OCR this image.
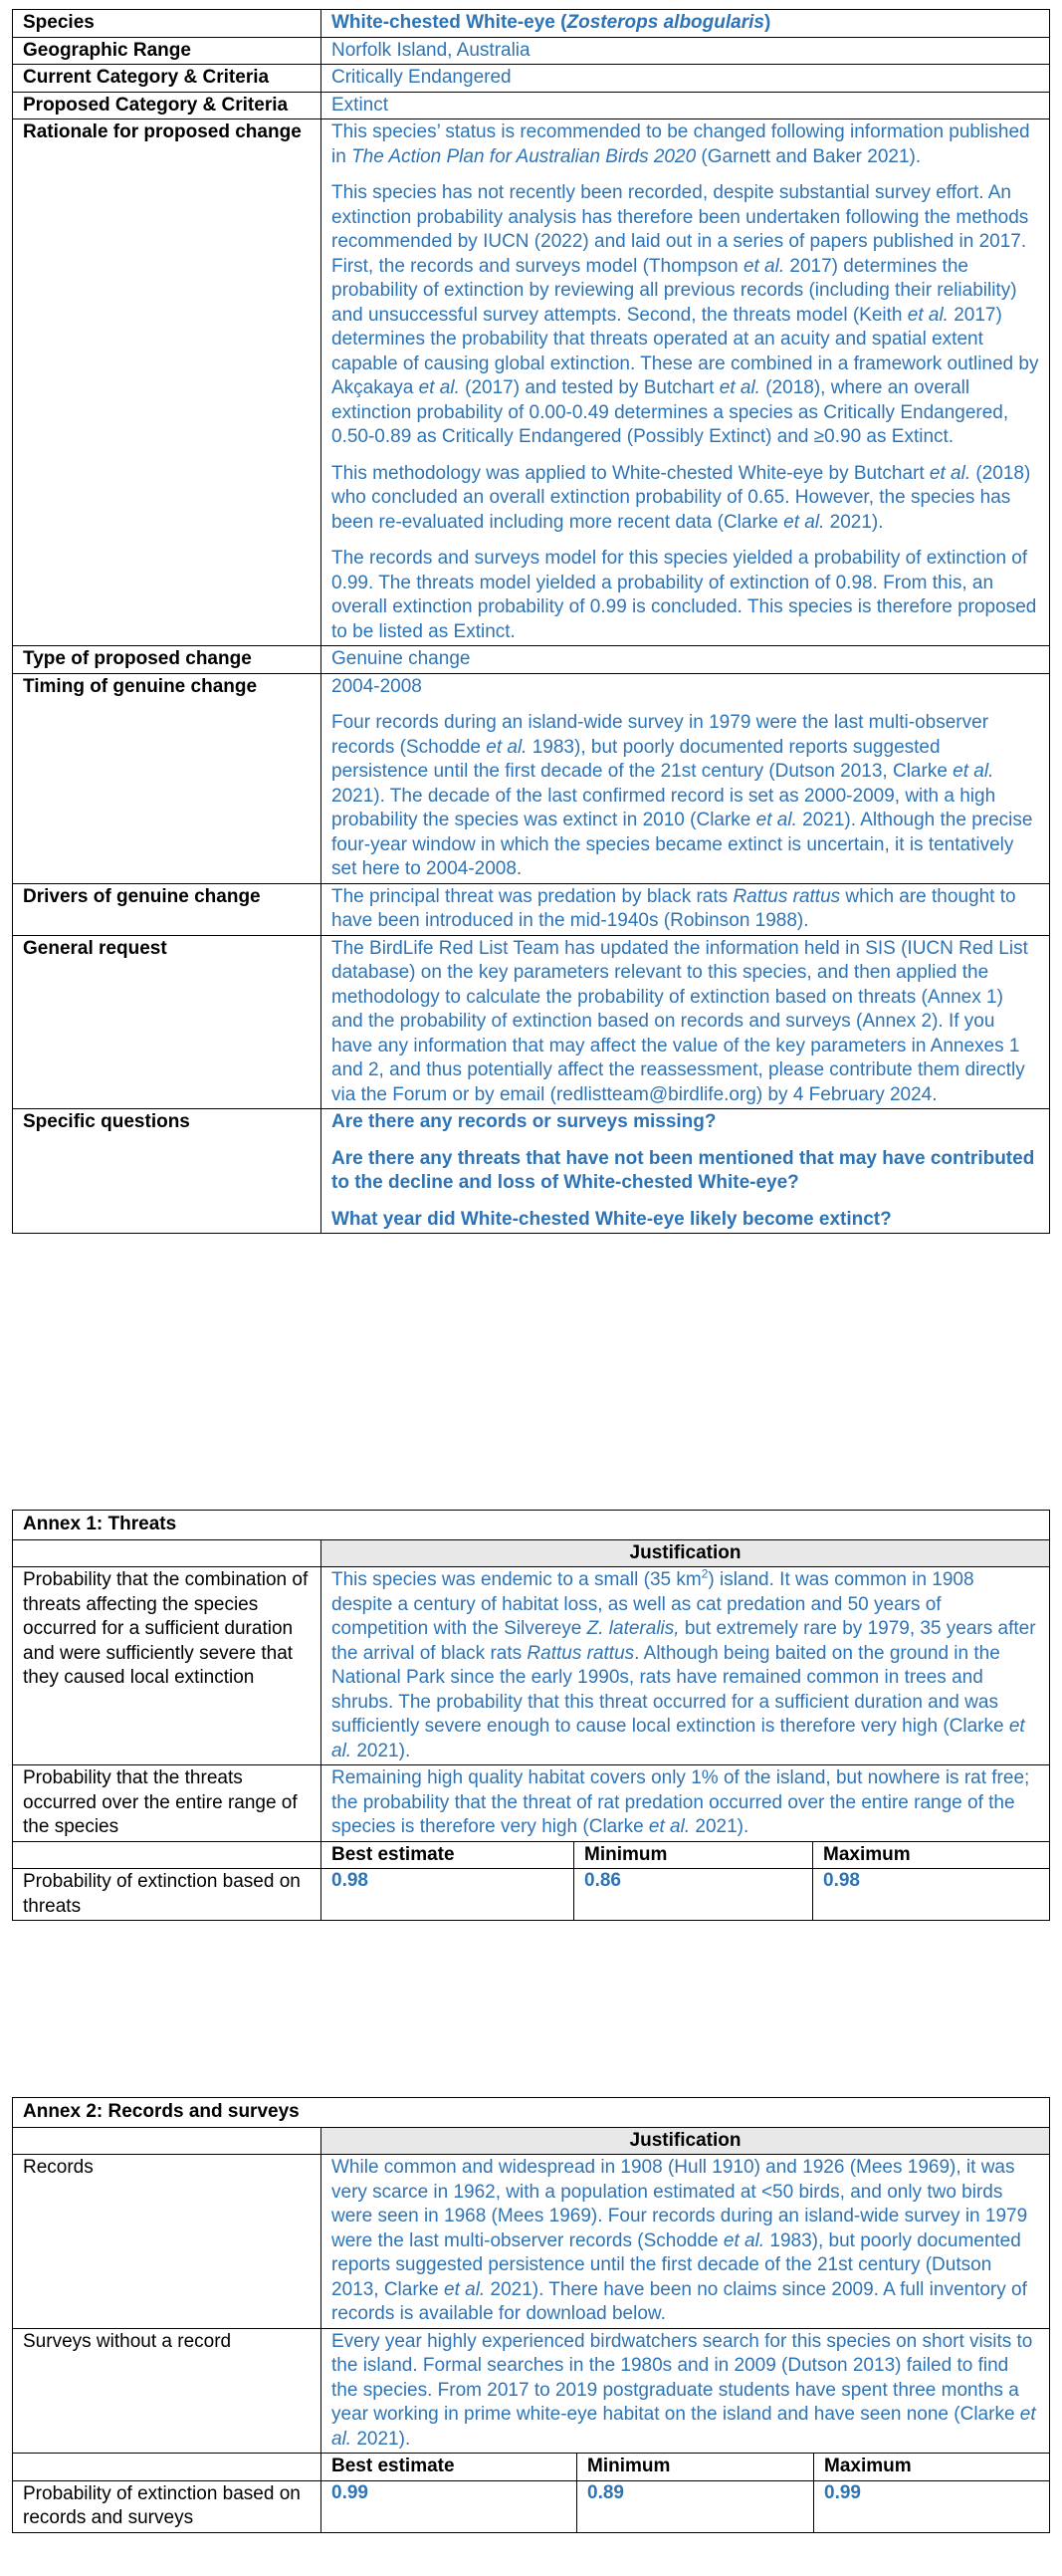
Species	White-chested White-eye (Zosterops albogularis)
Geographic Range	Norfolk Island, Australia
Current Category & Criteria	Critically Endangered
Proposed Category & Criteria	Extinct
Rationale for proposed change	This species’ status is recommended to be changed following information published in The Action Plan for Australian Birds 2020 (Garnett and Baker 2021).

This species has not recently been recorded, despite substantial survey effort. An extinction probability analysis has therefore been undertaken following the methods recommended by IUCN (2022) and laid out in a series of papers published in 2017. First, the records and surveys model (Thompson et al. 2017) determines the probability of extinction by reviewing all previous records (including their reliability) and unsuccessful survey attempts. Second, the threats model (Keith et al. 2017) determines the probability that threats operated at an acuity and spatial extent capable of causing global extinction. These are combined in a framework outlined by Akçakaya et al. (2017) and tested by Butchart et al. (2018), where an overall extinction probability of 0.00-0.49 determines a species as Critically Endangered, 0.50-0.89 as Critically Endangered (Possibly Extinct) and ≥0.90 as Extinct.

This methodology was applied to White-chested White-eye by Butchart et al. (2018) who concluded an overall extinction probability of 0.65. However, the species has been re-evaluated including more recent data (Clarke et al. 2021).

The records and surveys model for this species yielded a probability of extinction of 0.99. The threats model yielded a probability of extinction of 0.98. From this, an overall extinction probability of 0.99 is concluded. This species is therefore proposed to be listed as Extinct.

Type of proposed change	Genuine change
Timing of genuine change	2004-2008

Four records during an island-wide survey in 1979 were the last multi-observer records (Schodde et al. 1983), but poorly documented reports suggested persistence until the first decade of the 21st century (Dutson 2013, Clarke et al. 2021). The decade of the last confirmed record is set as 2000-2009, with a high probability the species was extinct in 2010 (Clarke et al. 2021). Although the precise four-year window in which the species became extinct is uncertain, it is tentatively set here to 2004-2008.

Drivers of genuine change	The principal threat was predation by black rats Rattus rattus which are thought to have been introduced in the mid-1940s (Robinson 1988).
General request	The BirdLife Red List Team has updated the information held in SIS (IUCN Red List database) on the key parameters relevant to this species, and then applied the methodology to calculate the probability of extinction based on threats (Annex 1) and the probability of extinction based on records and surveys (Annex 2). If you have any information that may affect the value of the key parameters in Annexes 1 and 2, and thus potentially affect the reassessment, please contribute them directly via the Forum or by email (redlistteam@birdlife.org) by 4 February 2024.
Specific questions	Are there any records or surveys missing?

Are there any threats that have not been mentioned that may have contributed to the decline and loss of White-chested White-eye?

What year did White-chested White-eye likely become extinct?

Annex 1: Threats			
	Justification		
Probability that the combination of threats affecting the species occurred for a sufficient duration and were sufficiently severe that they caused local extinction	This species was endemic to a small (35 $km^2$) island. It was common in 1908 despite a century of habitat loss, as well as cat predation and 50 years of competition with the Silvereye Z. lateralis, but extremely rare by 1979, 35 years after the arrival of black rats Rattus rattus. Although being baited on the ground in the National Park since the early 1990s, rats have remained common in trees and shrubs. The probability that this threat occurred for a sufficient duration and was sufficiently severe enough to cause local extinction is therefore very high (Clarke et al. 2021).		
Probability that the threats occurred over the entire range of the species	Remaining high quality habitat covers only 1% of the island, but nowhere is rat free; the probability that the threat of rat predation occurred over the entire range of the species is therefore very high (Clarke et al. 2021).		
	Best estimate	Minimum	Maximum
Probability of extinction based on threats	0.98	0.86	0.98
Annex 2: Records and surveys			
	Justification		
Records	While common and widespread in 1908 (Hull 1910) and 1926 (Mees 1969), it was very scarce in 1962, with a population estimated at <50 birds, and only two birds were seen in 1968 (Mees 1969). Four records during an island-wide survey in 1979 were the last multi-observer records (Schodde et al. 1983), but poorly documented reports suggested persistence until the first decade of the 21st century (Dutson 2013, Clarke et al. 2021). There have been no claims since 2009. A full inventory of records is available for download below.		
Surveys without a record	Every year highly experienced birdwatchers search for this species on short visits to the island. Formal searches in the 1980s and in 2009 (Dutson 2013) failed to find the species. From 2017 to 2019 postgraduate students have spent three months a year working in prime white-eye habitat on the island and have seen none (Clarke et al. 2021).		
	Best estimate	Minimum	Maximum
Probability of extinction based on records and surveys	0.99	0.89	0.99
